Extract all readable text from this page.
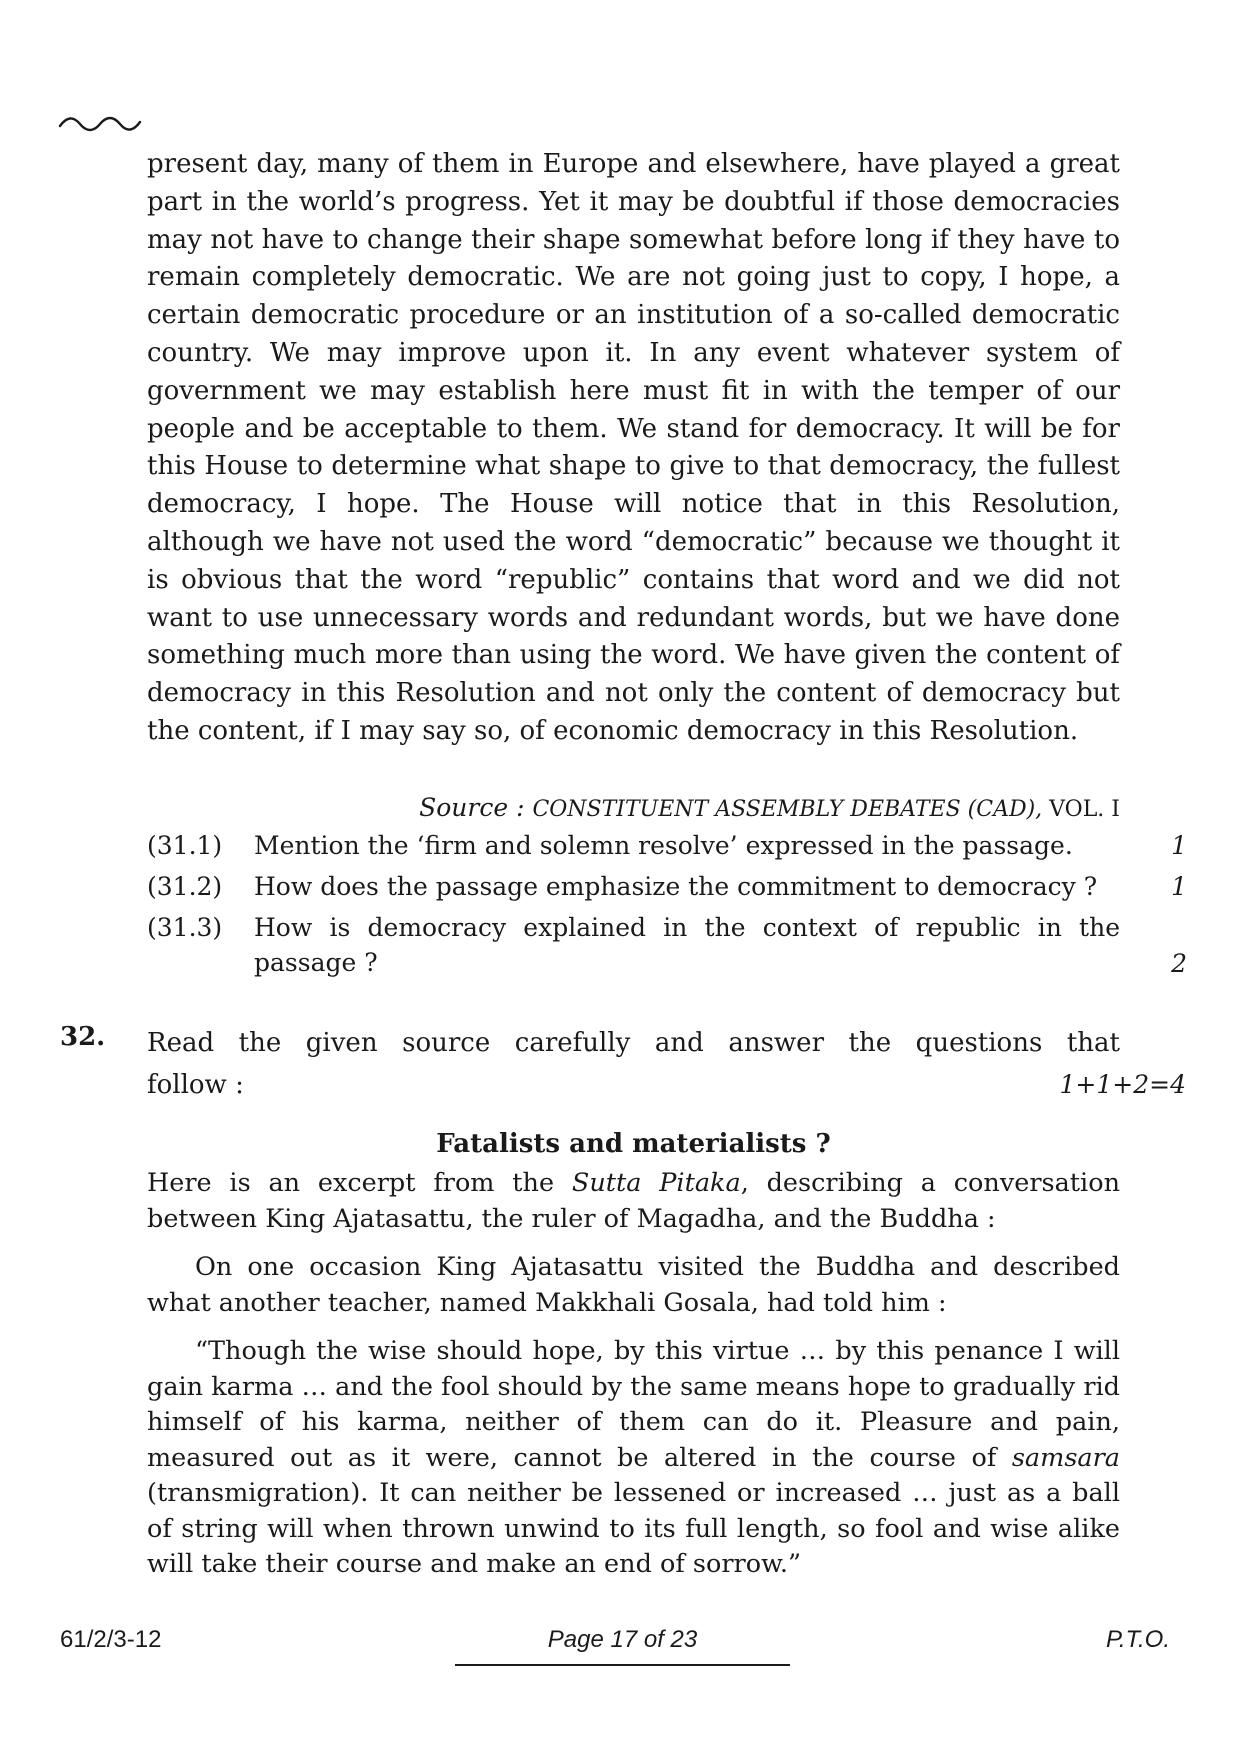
present day, many of them in Europe and elsewhere, have played a great
part in the world’s progress. Yet it may be doubtful if those democracies
may not have to change their shape somewhat before long if they have to
remain completely democratic. We are not going just to copy, I hope, a
certain democratic procedure or an institution of a so-called democratic
country. We may improve upon it. In any event whatever system of
government we may establish here must fit in with the temper of our
people and be acceptable to them. We stand for democracy. It will be for
this House to determine what shape to give to that democracy, the fullest
democracy, I hope. The House will notice that in this Resolution,
although we have not used the word “democratic” because we thought it
is obvious that the word “republic” contains that word and we did not
want to use unnecessary words and redundant words, but we have done
something much more than using the word. We have given the content of
democracy in this Resolution and not only the content of democracy but
the content, if I may say so, of economic democracy in this Resolution.
Source : CONSTITUENT ASSEMBLY DEBATES (CAD), VOL. I
(31.1) Mention the ‘firm and solemn resolve’ expressed in the passage.	1
(31.2) How does the passage emphasize the commitment to democracy ?	1
(31.3) How is democracy explained in the context of republic in the passage ?	2
32. Read the given source carefully and answer the questions that
follow :	1+1+2=4
Fatalists and materialists ?

Here is an excerpt from the Sutta Pitaka, describing a conversation between King Ajatasattu, the ruler of Magadha, and the Buddha :

On one occasion King Ajatasattu visited the Buddha and described what another teacher, named Makkhali Gosala, had told him :

“Though the wise should hope, by this virtue … by this penance I will gain karma … and the fool should by the same means hope to gradually rid himself of his karma, neither of them can do it. Pleasure and pain, measured out as it were, cannot be altered in the course of samsara (transmigration). It can neither be lessened or increased … just as a ball of string will when thrown unwind to its full length, so fool and wise alike will take their course and make an end of sorrow.”

61/2/3-12	Page 17 of 23	P.T.O.
